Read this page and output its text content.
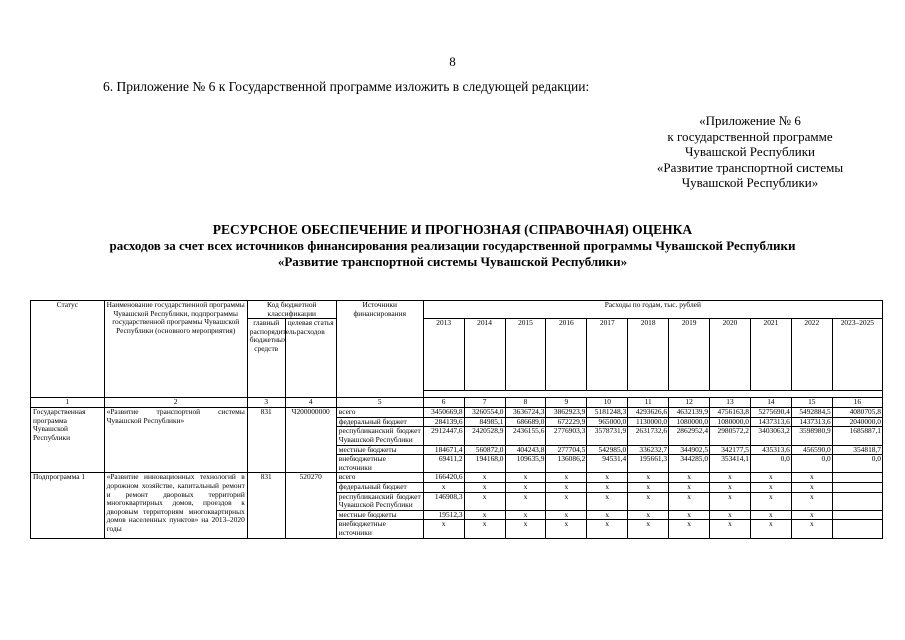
8
6. Приложение № 6 к Государственной программе изложить в следующей редакции:
«Приложение № 6
к государственной программе
Чувашской Республики
«Развитие транспортной системы
Чувашской Республики»
РЕСУРСНОЕ ОБЕСПЕЧЕНИЕ И ПРОГНОЗНАЯ (СПРАВОЧНАЯ) ОЦЕНКА
расходов за счет всех источников финансирования реализации государственной программы Чувашской Республики
«Развитие транспортной системы Чувашской Республики»
Статус	Наименование государственной программы Чувашской Республики, подпрограммы государственной программы Чувашской Республики (основного мероприятия)	Код бюджетной классификации		Источники финансирования	Расходы по годам, тыс. рублей										
		главный распорядитель бюджетных средств	целевая статья расходов		2013	2014	2015	2016	2017	2018	2019	2020	2021	2022	2023–2025

1	2	3	4	5	6	7	8	9	10	11	12	13	14	15	16
Государственная программа Чувашской Республики	«Развитие транспортной системы Чувашской Республики»	831	Ч200000000	всего	3450669,8	3260554,0	3636724,3	3862923,9	5181248,3	4293626,6	4632139,9	4756163,8	5275690,4	5492884,5	4080705,8
				федеральный бюджет	284139,6	84985,1	686689,0	672229,9	965000,0	1130000,0	1080000,0	1080000,0	1437313,6	1437313,6	2040000,0
				республиканский бюджет Чувашской Республики	2912447,6	2420528,9	2436155,6	2776903,3	3578731,9	2631732,6	2862952,4	2980572,2	3403063,2	3598980,9	1685887,1
				местные бюджеты	184671,4	560872,0	404243,8	277704,5	542985,0	336232,7	344902,5	342177,5	435313,6	456590,0	354818,7
				внебюджетные источники	69411,2	194168,0	109635,9	136086,2	94531,4	195661,3	344285,0	353414,1	0,0	0,0	0,0
Подпрограмма 1	«Развитие инновационных технологий в дорожном хозяйстве, капитальный ремонт и ремонт дворовых территорий многоквартирных домов, проездов к дворовым территориям многоквартирных домов населенных пунктов» на 2013–2020 годы	831	520270	всего	166420,6	x	x	x	x	x	x	x	x	x	
				федеральный бюджет	x	x	x	x	x	x	x	x	x	x	
				республиканский бюджет Чувашской Республики	146908,3	x	x	x	x	x	x	x	x	x	
				местные бюджеты	19512,3	x	x	x	x	x	x	x	x	x	
				внебюджетные источники	x	x	x	x	x	x	x	x	x	x	
